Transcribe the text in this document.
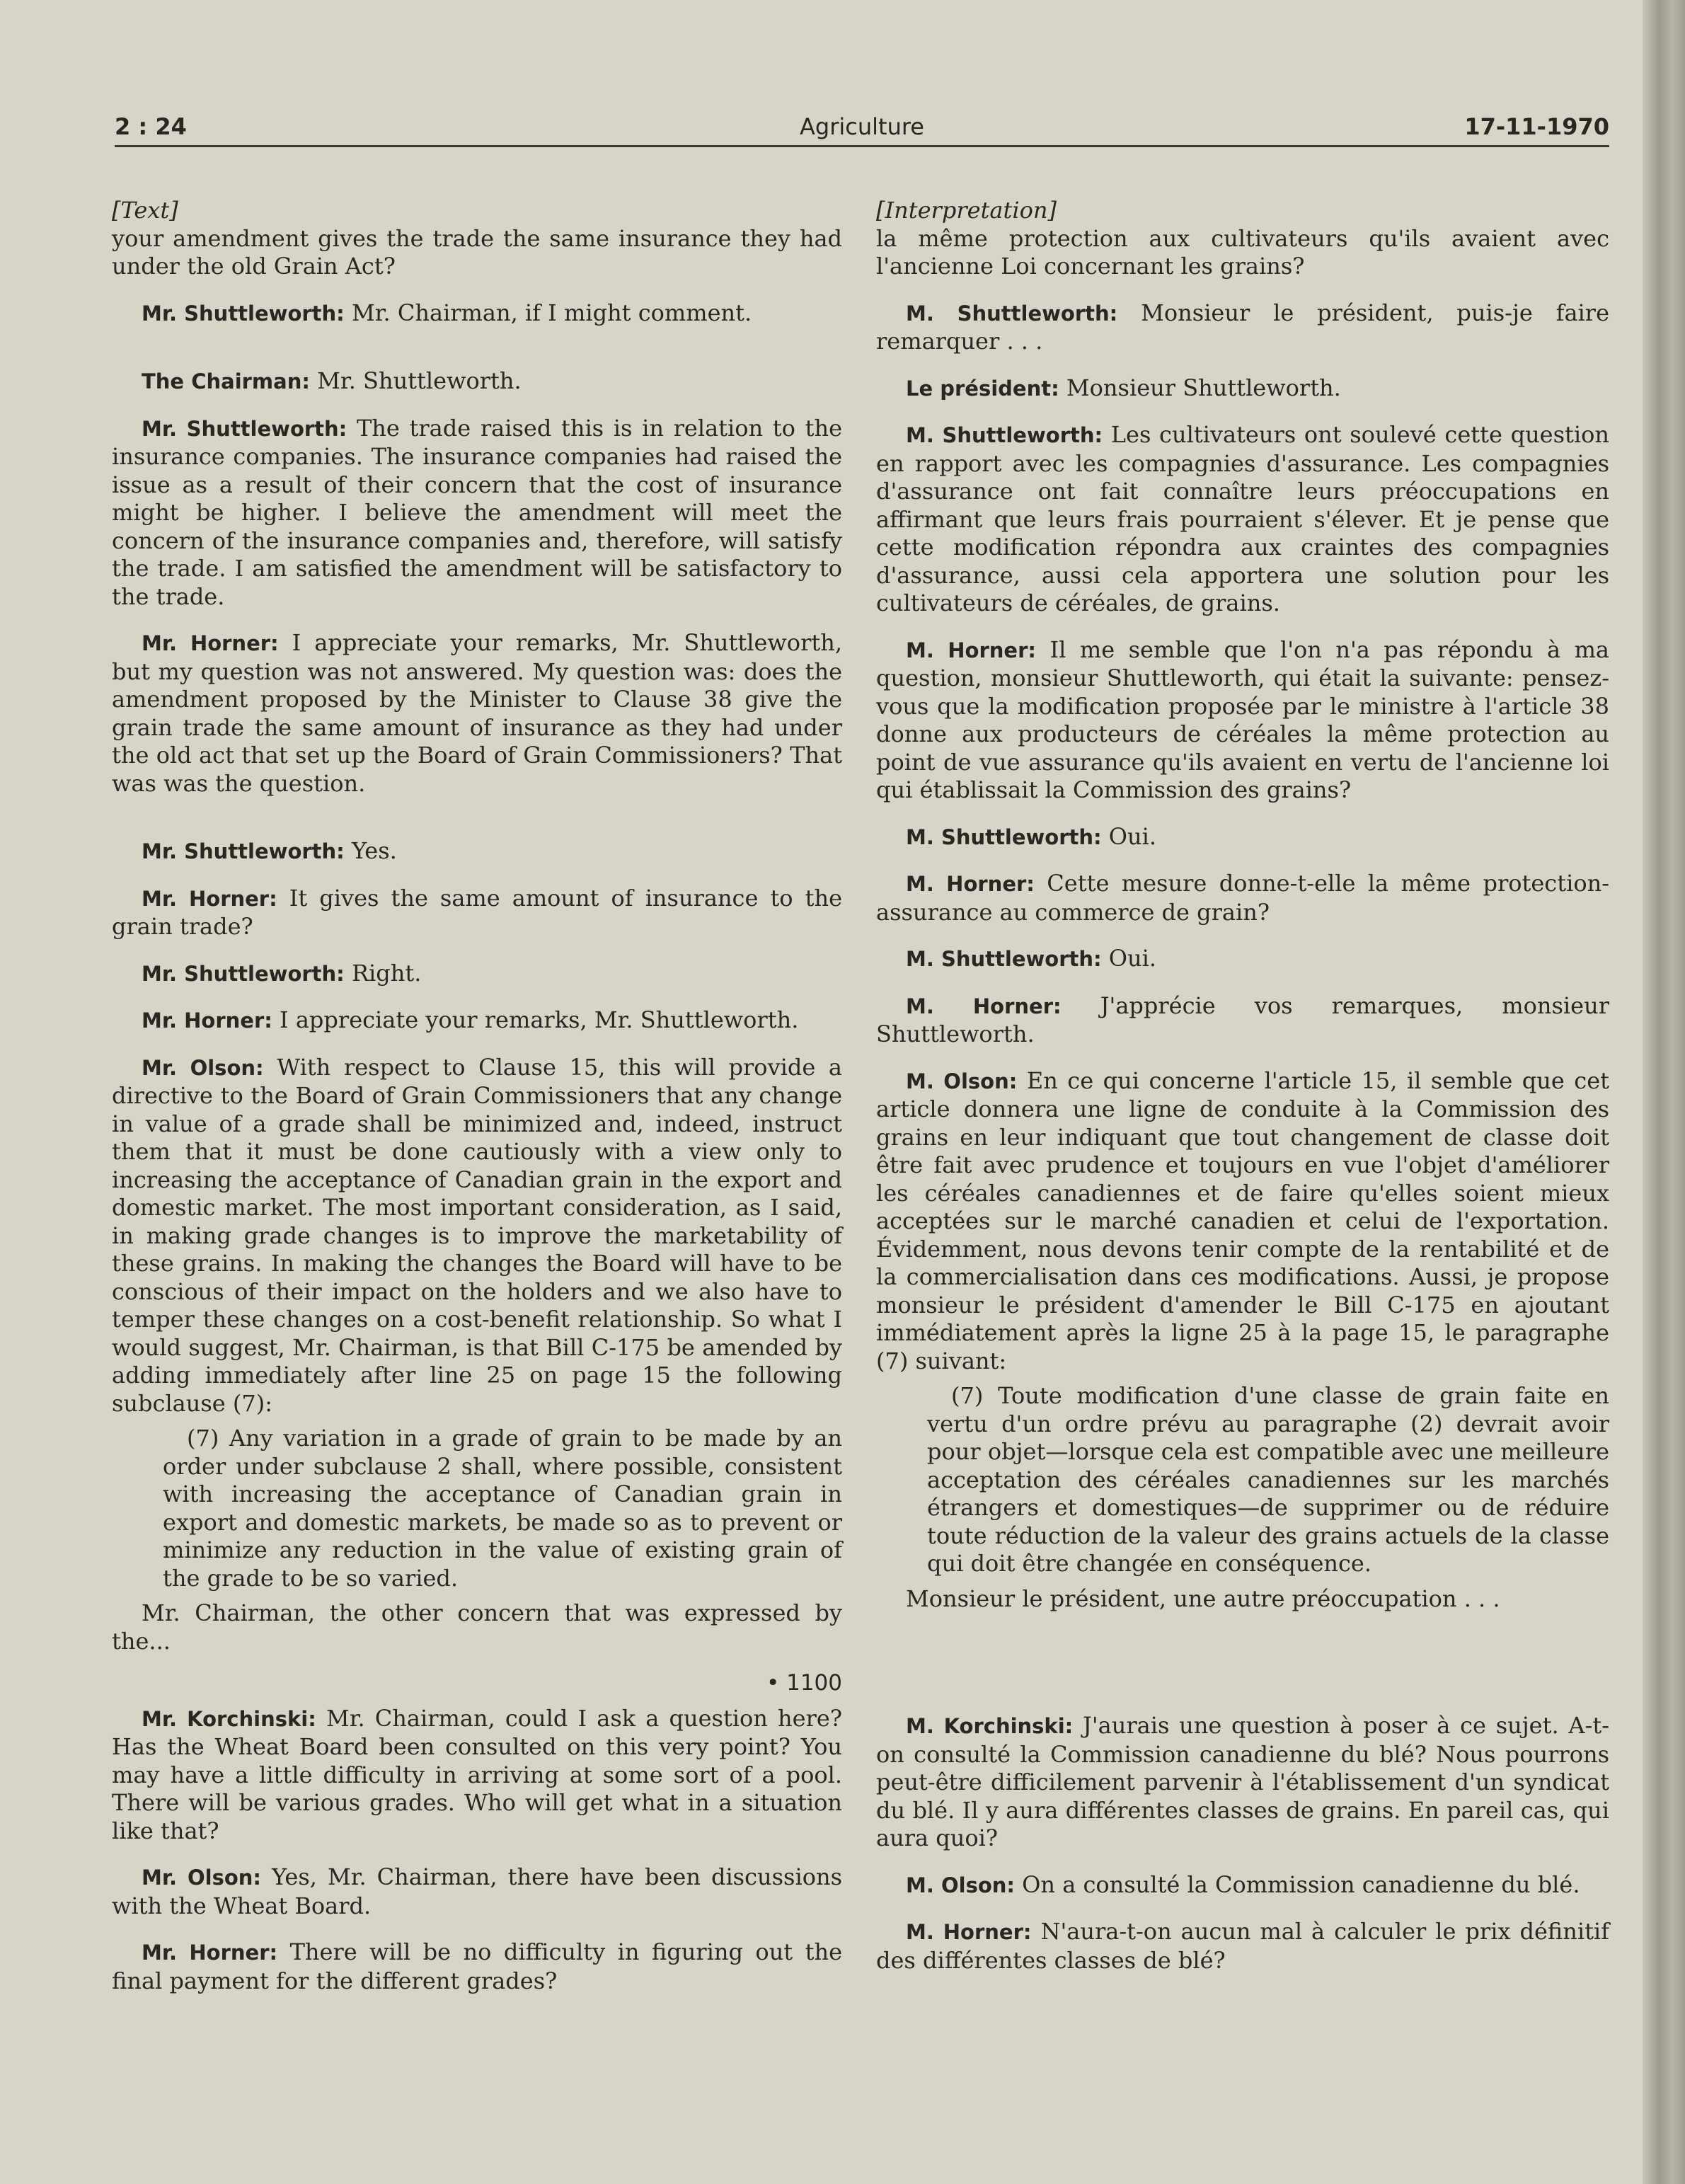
2 : 24	Agriculture	17-11-1970

[Text]

your amendment gives the trade the same insurance they had under the old Grain Act?

Mr. Shuttleworth: Mr. Chairman, if I might comment.

The Chairman: Mr. Shuttleworth.

Mr. Shuttleworth: The trade raised this is in relation to the insurance companies. The insurance companies had raised the issue as a result of their concern that the cost of insurance might be higher. I believe the amendment will meet the concern of the insurance companies and, therefore, will satisfy the trade. I am satisfied the amendment will be satisfactory to the trade.

Mr. Horner: I appreciate your remarks, Mr. Shuttleworth, but my question was not answered. My question was: does the amendment proposed by the Minister to Clause 38 give the grain trade the same amount of insurance as they had under the old act that set up the Board of Grain Commissioners? That was was the question.

Mr. Shuttleworth: Yes.

Mr. Horner: It gives the same amount of insurance to the grain trade?

Mr. Shuttleworth: Right.

Mr. Horner: I appreciate your remarks, Mr. Shuttleworth.

Mr. Olson: With respect to Clause 15, this will provide a directive to the Board of Grain Commissioners that any change in value of a grade shall be minimized and, indeed, instruct them that it must be done cautiously with a view only to increasing the acceptance of Canadian grain in the export and domestic market. The most important consideration, as I said, in making grade changes is to improve the marketability of these grains. In making the changes the Board will have to be conscious of their impact on the holders and we also have to temper these changes on a cost-benefit relationship. So what I would suggest, Mr. Chairman, is that Bill C-175 be amended by adding immediately after line 25 on page 15 the following subclause (7):

(7) Any variation in a grade of grain to be made by an order under subclause 2 shall, where possible, consistent with increasing the acceptance of Canadian grain in export and domestic markets, be made so as to prevent or minimize any reduction in the value of existing grain of the grade to be so varied.

Mr. Chairman, the other concern that was expressed by the...

• 1100

Mr. Korchinski: Mr. Chairman, could I ask a question here? Has the Wheat Board been consulted on this very point? You may have a little difficulty in arriving at some sort of a pool. There will be various grades. Who will get what in a situation like that?

Mr. Olson: Yes, Mr. Chairman, there have been discussions with the Wheat Board.

Mr. Horner: There will be no difficulty in figuring out the final payment for the different grades?

[Interpretation]

la même protection aux cultivateurs qu'ils avaient avec l'ancienne Loi concernant les grains?

M. Shuttleworth: Monsieur le président, puis-je faire remarquer . . .

Le président: Monsieur Shuttleworth.

M. Shuttleworth: Les cultivateurs ont soulevé cette question en rapport avec les compagnies d'assurance. Les compagnies d'assurance ont fait connaître leurs préoccupations en affirmant que leurs frais pourraient s'élever. Et je pense que cette modification répondra aux craintes des compagnies d'assurance, aussi cela apportera une solution pour les cultivateurs de céréales, de grains.

M. Horner: Il me semble que l'on n'a pas répondu à ma question, monsieur Shuttleworth, qui était la suivante: pensez-vous que la modification proposée par le ministre à l'article 38 donne aux producteurs de céréales la même protection au point de vue assurance qu'ils avaient en vertu de l'ancienne loi qui établissait la Commission des grains?

M. Shuttleworth: Oui.

M. Horner: Cette mesure donne-t-elle la même protection-assurance au commerce de grain?

M. Shuttleworth: Oui.

M. Horner: J'apprécie vos remarques, monsieur Shuttleworth.

M. Olson: En ce qui concerne l'article 15, il semble que cet article donnera une ligne de conduite à la Commission des grains en leur indiquant que tout changement de classe doit être fait avec prudence et toujours en vue l'objet d'améliorer les céréales canadiennes et de faire qu'elles soient mieux acceptées sur le marché canadien et celui de l'exportation. Évidemment, nous devons tenir compte de la rentabilité et de la commercialisation dans ces modifications. Aussi, je propose monsieur le président d'amender le Bill C-175 en ajoutant immédiatement après la ligne 25 à la page 15, le paragraphe (7) suivant:

(7) Toute modification d'une classe de grain faite en vertu d'un ordre prévu au paragraphe (2) devrait avoir pour objet—lorsque cela est compatible avec une meilleure acceptation des céréales canadiennes sur les marchés étrangers et domestiques—de supprimer ou de réduire toute réduction de la valeur des grains actuels de la classe qui doit être changée en conséquence.

Monsieur le président, une autre préoccupation . . .

M. Korchinski: J'aurais une question à poser à ce sujet. A-t-on consulté la Commission canadienne du blé? Nous pourrons peut-être difficilement parvenir à l'établissement d'un syndicat du blé. Il y aura différentes classes de grains. En pareil cas, qui aura quoi?

M. Olson: On a consulté la Commission canadienne du blé.

M. Horner: N'aura-t-on aucun mal à calculer le prix définitif des différentes classes de blé?
